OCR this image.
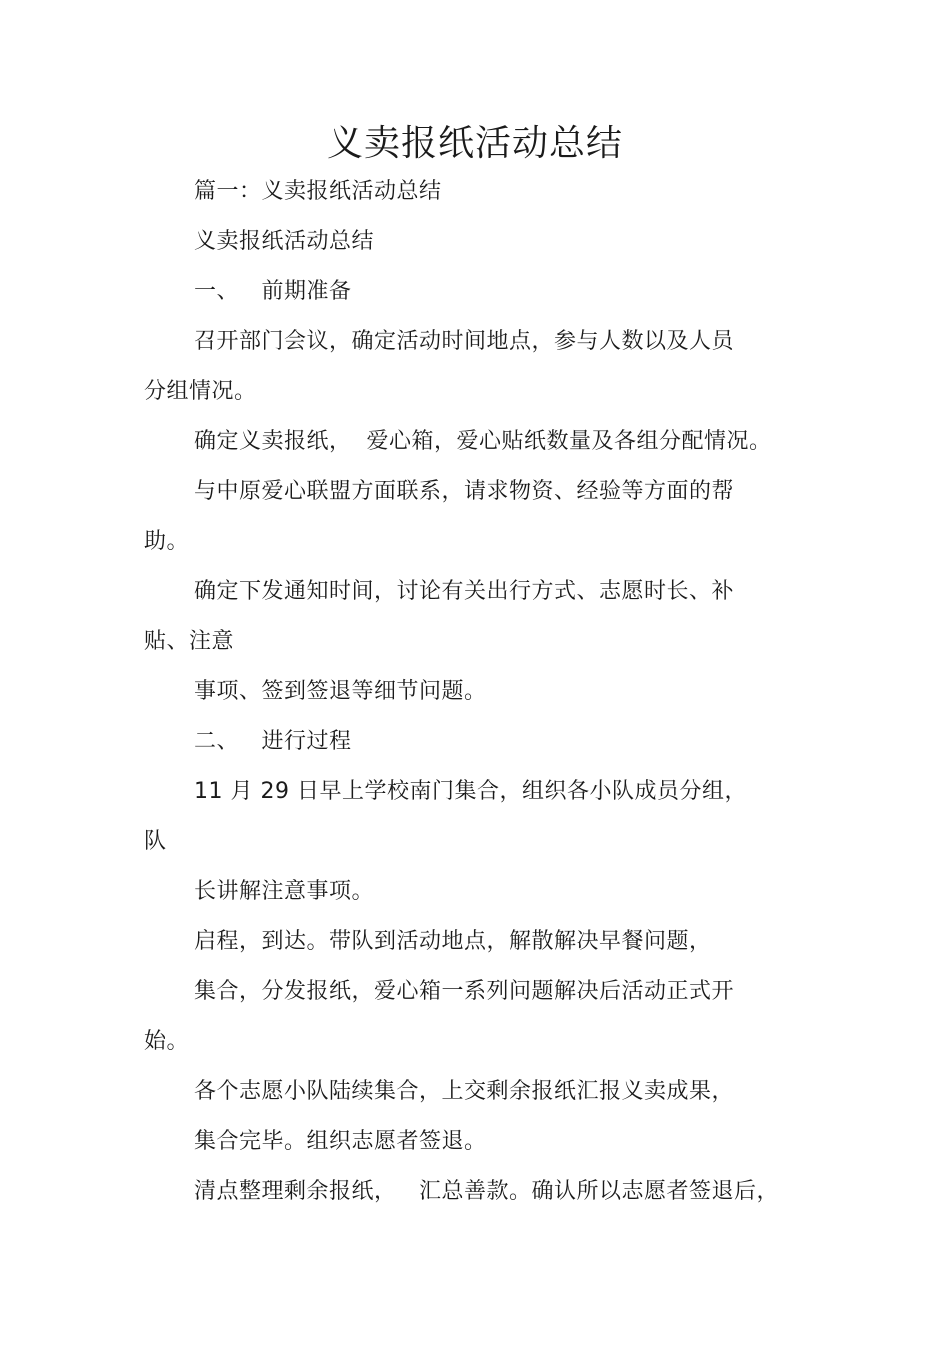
义卖报纸活动总结
篇一：义卖报纸活动总结
义卖报纸活动总结
一、   前期准备
召开部门会议，确定活动时间地点，参与人数以及人员
分组情况。
确定义卖报纸，  爱心箱，爱心贴纸数量及各组分配情况。
与中原爱心联盟方面联系，请求物资、经验等方面的帮
助。
确定下发通知时间，讨论有关出行方式、志愿时长、补
贴、注意
事项、签到签退等细节问题。
二、   进行过程
11 月 29 日早上学校南门集合，组织各小队成员分组，
队
长讲解注意事项。
启程，到达。带队到活动地点，解散解决早餐问题，
集合，分发报纸，爱心箱一系列问题解决后活动正式开
始。
各个志愿小队陆续集合，上交剩余报纸汇报义卖成果，
集合完毕。组织志愿者签退。
清点整理剩余报纸，   汇总善款。确认所以志愿者签退后，
